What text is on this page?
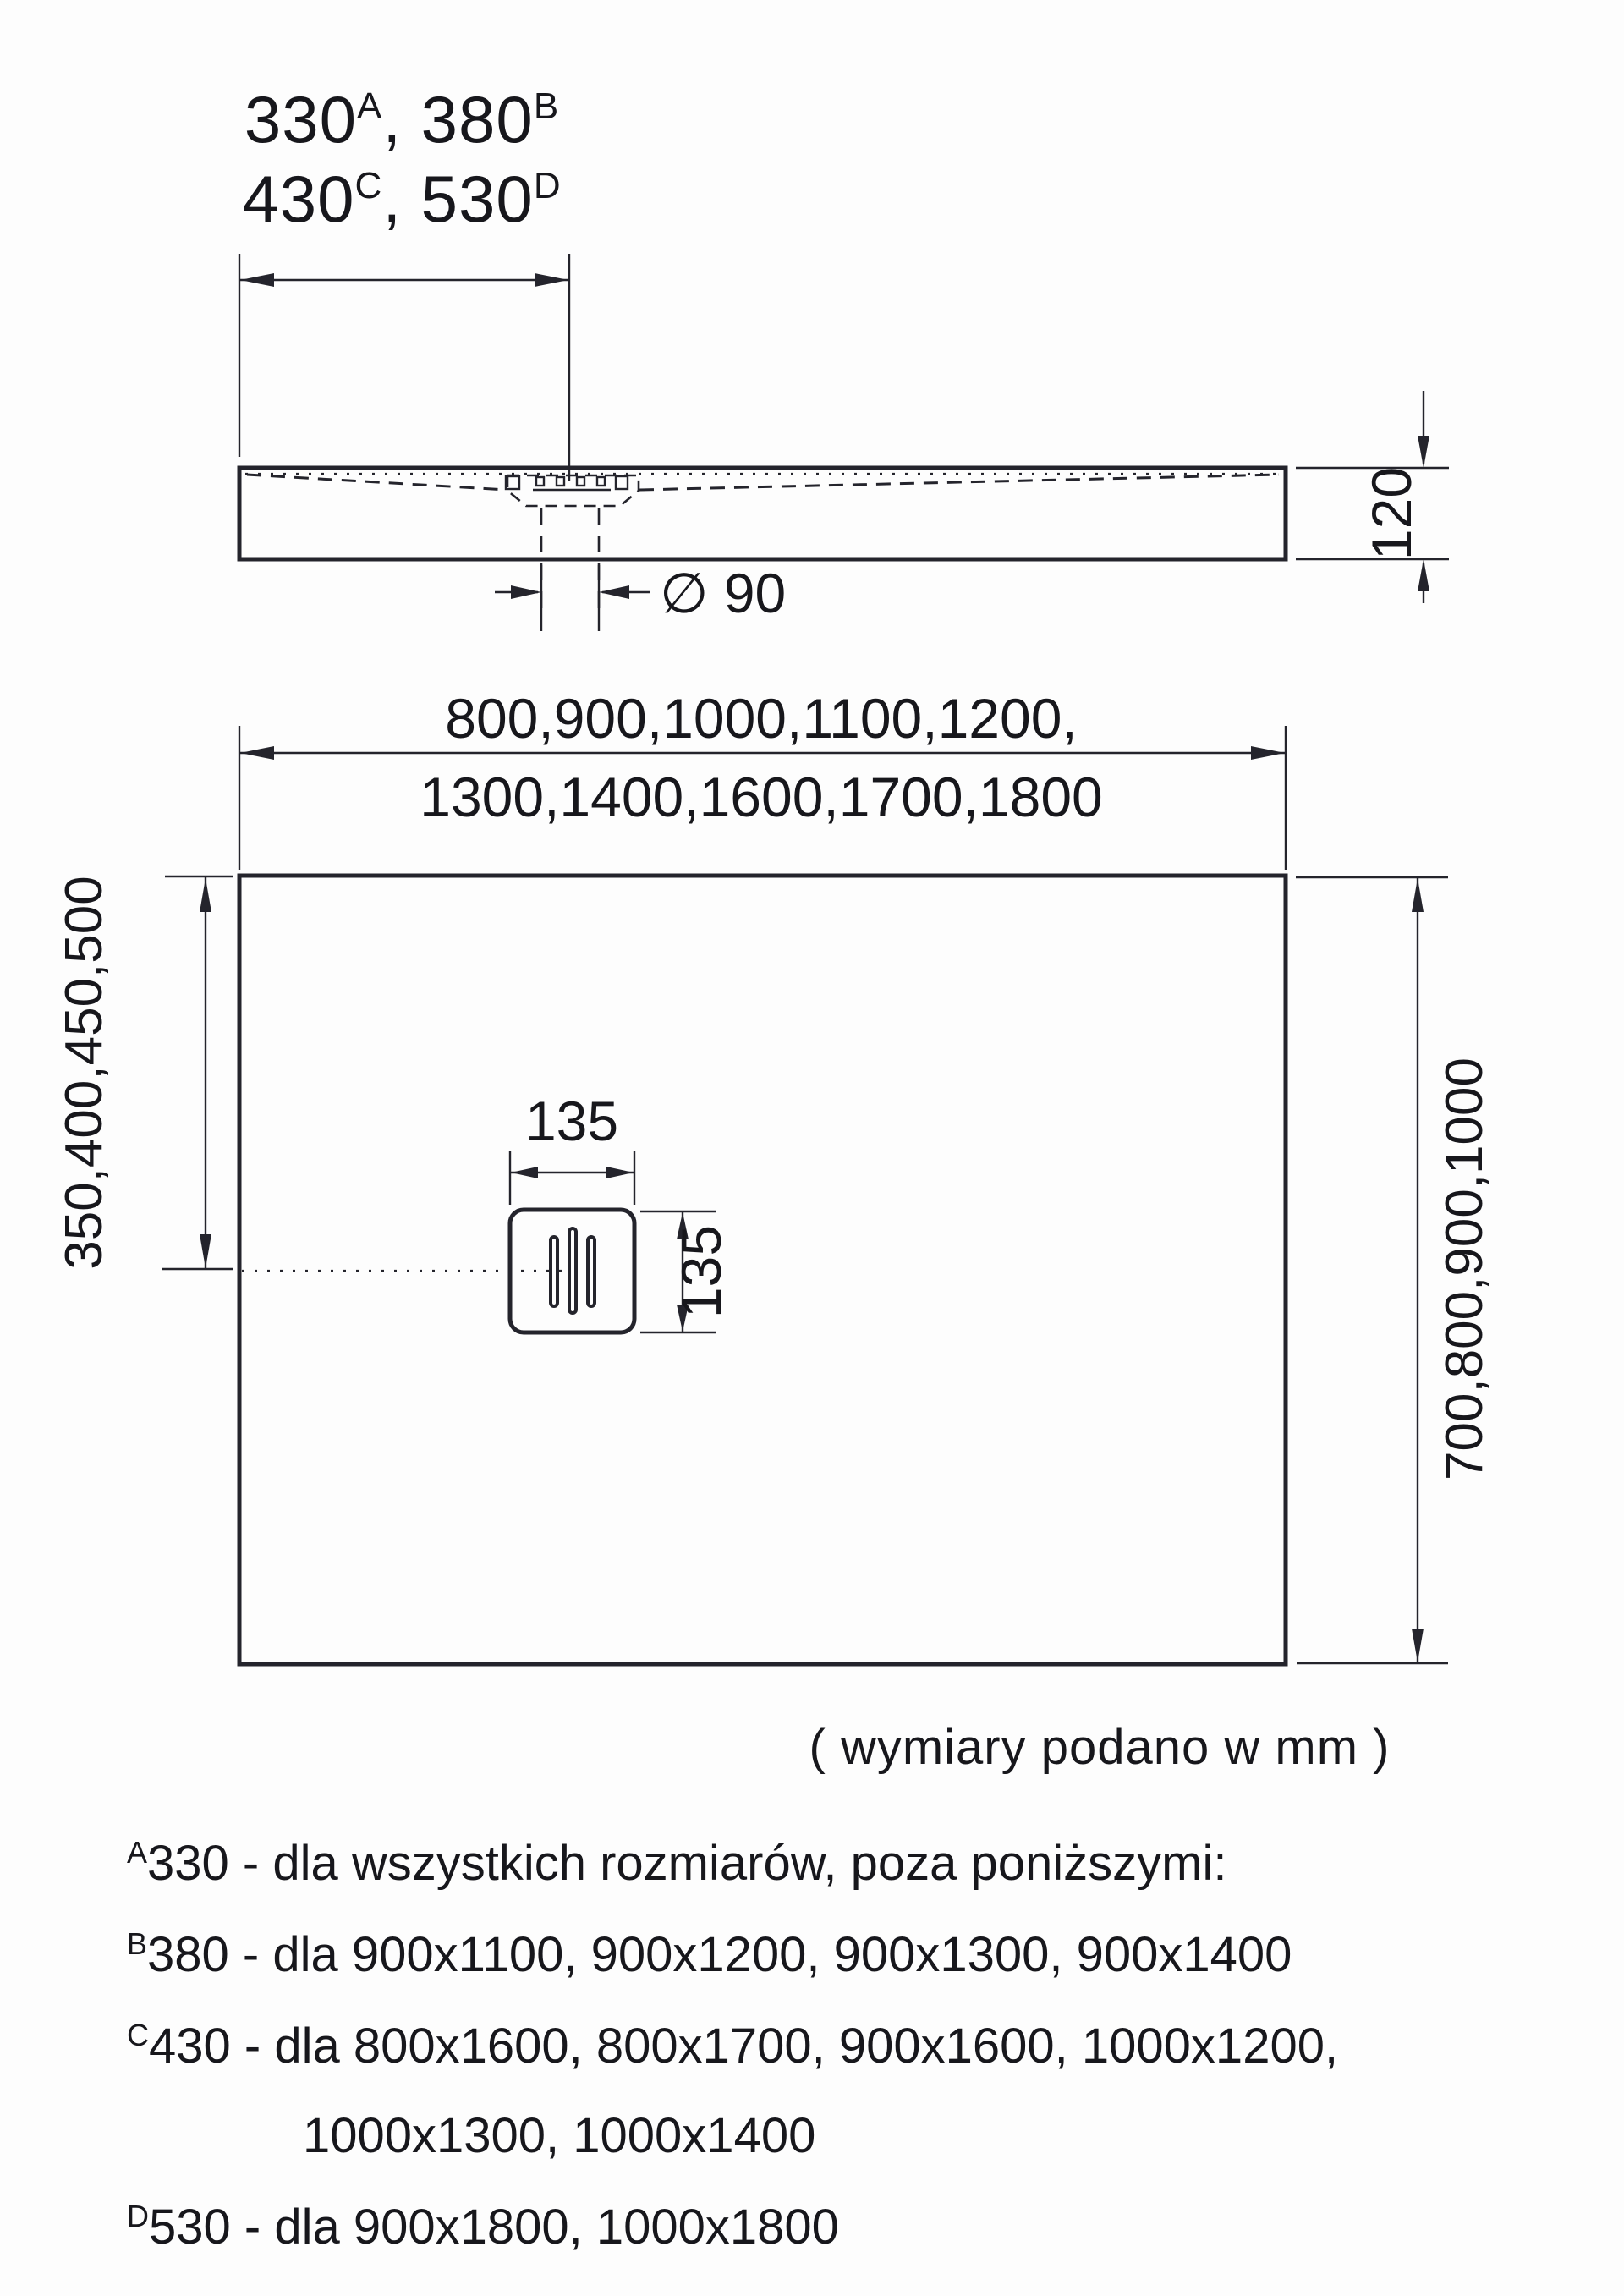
$330^A$, $380^B$
$430^C$, $530^D$
∅ 90
120
800,900,1000,1100,1200,
1300,1400,1600,1700,1800
135
135
350,400,450,500	700,800,900,1000
( wymiary podano w mm )
$^A$330 - dla wszystkich rozmiarów, poza poniższymi:
$^B$380 - dla 900x1100, 900x1200, 900x1300, 900x1400
$^C$430 - dla 800x1600, 800x1700, 900x1600, 1000x1200,
1000x1300, 1000x1400
$^D$530 - dla 900x1800, 1000x1800
